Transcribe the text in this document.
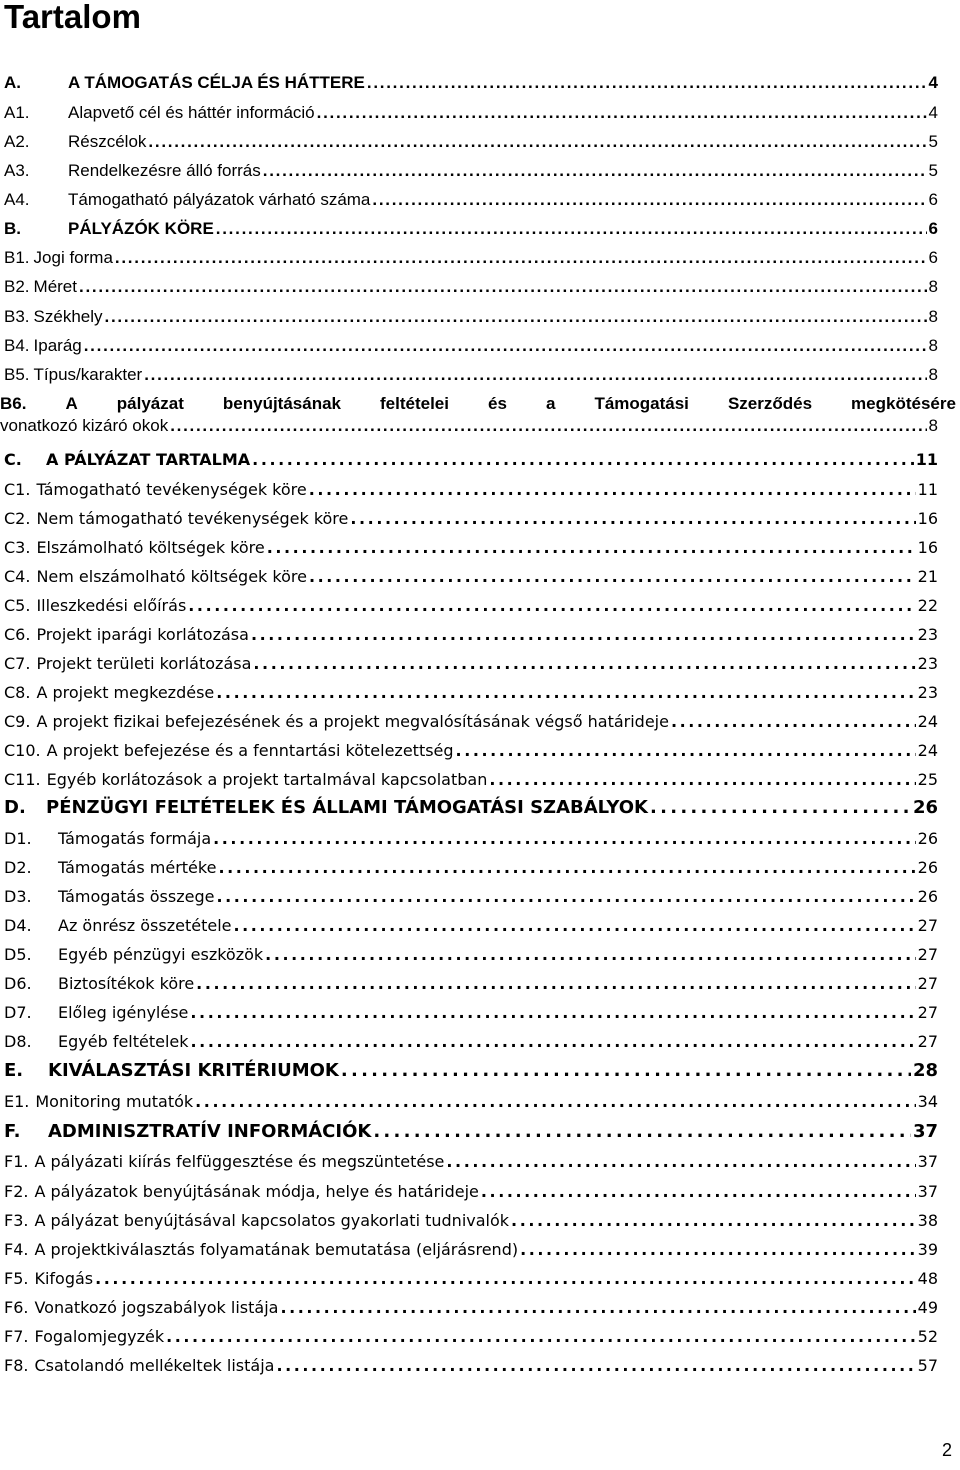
Tartalom
A.	A TÁMOGATÁS CÉLJA ÉS HÁTTERE . . .	4
A1.	Alapvető cél és háttér információ . . .	4
A2.	Részcélok . . .	5
A3.	Rendelkezésre álló forrás . . .	5
A4.	Támogatható pályázatok várható száma . . .	6
B.	PÁLYÁZÓK KÖRE . . .	6
B1. Jogi forma . . .	6
B2. Méret . . .	8
B3. Székhely . . .	8
B4. Iparág . . .	8
B5. Típus/karakter . . .	8
B6. A pályázat benyújtásának feltételei és a Támogatási Szerződés megkötésére
vonatkozó kizáró okok . . .	8
C.	A PÁLYÁZAT TARTALMA . . .	11
C1. Támogatható tevékenységek köre . . .	11
C2. Nem támogatható tevékenységek köre . . .	16
C3. Elszámolható költségek köre . . .	16
C4. Nem elszámolható költségek köre . . .	21
C5. Illeszkedési előírás . . .	22
C6. Projekt iparági korlátozása . . .	23
C7. Projekt területi korlátozása . . .	23
C8. A projekt megkezdése . . .	23
C9. A projekt fizikai befejezésének és a projekt megvalósításának végső határideje . . .	24
C10. A projekt befejezése és a fenntartási kötelezettség . . .	24
C11. Egyéb korlátozások a projekt tartalmával kapcsolatban . . .	25
D.	PÉNZÜGYI FELTÉTELEK ÉS ÁLLAMI TÁMOGATÁSI SZABÁLYOK . . .	26
D1.	Támogatás formája . . .	26
D2.	Támogatás mértéke . . .	26
D3.	Támogatás összege . . .	26
D4.	Az önrész összetétele . . .	27
D5.	Egyéb pénzügyi eszközök . . .	27
D6.	Biztosítékok köre . . .	27
D7.	Előleg igénylése . . .	27
D8.	Egyéb feltételek . . .	27
E.	KIVÁLASZTÁSI KRITÉRIUMOK . . .	28
E1. Monitoring mutatók . . .	34
F.	ADMINISZTRATÍV INFORMÁCIÓK . . .	37
F1. A pályázati kiírás felfüggesztése és megszüntetése . . .	37
F2. A pályázatok benyújtásának módja, helye és határideje . . .	37
F3. A pályázat benyújtásával kapcsolatos gyakorlati tudnivalók . . .	38
F4. A projektkiválasztás folyamatának bemutatása (eljárásrend) . . .	39
F5. Kifogás . . .	48
F6. Vonatkozó jogszabályok listája . . .	49
F7. Fogalomjegyzék . . .	52
F8. Csatolandó mellékeltek listája . . .	57
2
